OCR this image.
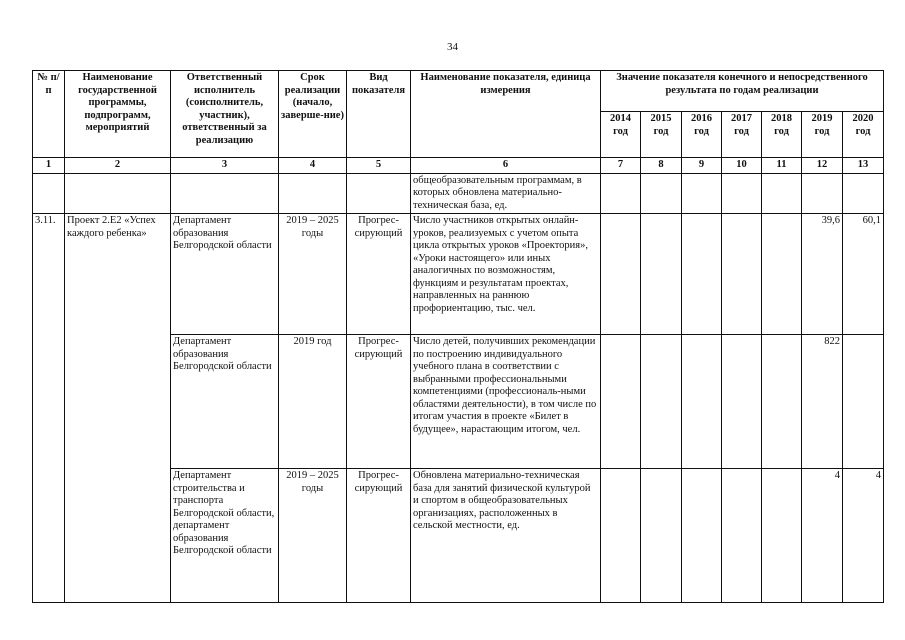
34
№ п/п	Наименование государственной программы, подпрограмм, мероприятий	Ответственный исполнитель (соисполнитель, участник), ответственный за реализацию	Срок реализации (начало, заверше-ние)	Вид показателя	Наименование показателя, единица измерения	Значение показателя конечного и непосредственного результата по годам реализации						
						2014 год	2015 год	2016 год	2017 год	2018 год	2019 год	2020 год
1	2	3	4	5	6	7	8	9	10	11	12	13
					общеобразовательным программам, в которых обновлена материально-техническая база, ед.							
3.11.	Проект 2.Е2 «Успех каждого ребенка»	Департамент образования Белгородской области	2019 – 2025 годы	Прогрес-сирующий	Число участников открытых онлайн-уроков, реализуемых с учетом опыта цикла открытых уроков «Проектория», «Уроки настоящего» или иных аналогичных по возможностям, функциям и результатам проектах, направленных на раннюю профориентацию, тыс. чел.						39,6	60,1
		Департамент образования Белгородской области	2019 год	Прогрес-сирующий	Число детей, получивших рекомендации по построению индивидуального учебного плана в соответствии с выбранными профессиональными компетенциями (профессиональ-ными областями деятельности), в том числе по итогам участия в проекте «Билет в будущее», нарастающим итогом, чел.						822	
		Департамент строительства и транспорта Белгородской области, департамент образования Белгородской области	2019 – 2025 годы	Прогрес-сирующий	Обновлена материально-техническая база для занятий физической культурой и спортом в общеобразовательных организациях, расположенных в сельской местности, ед.						4	4
